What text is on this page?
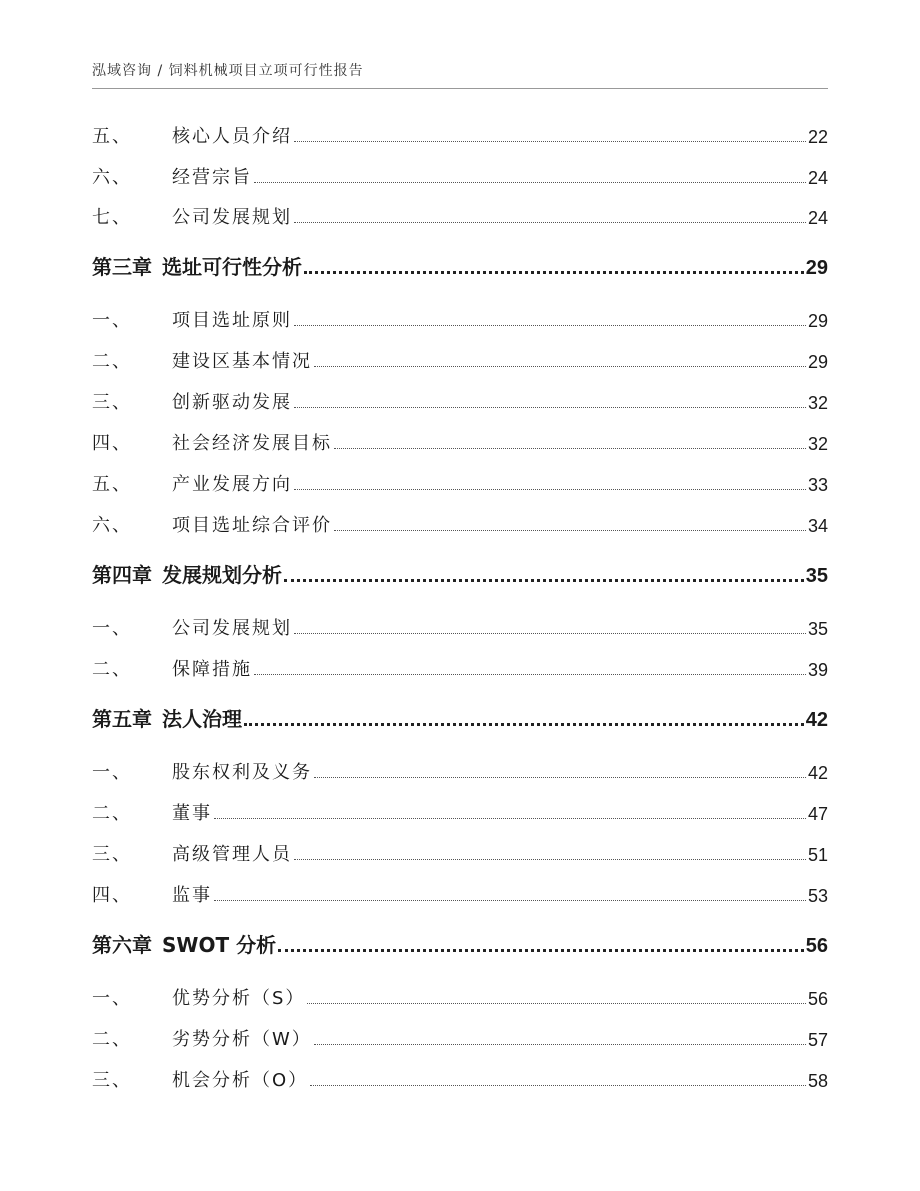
泓域咨询 / 饲料机械项目立项可行性报告
五、	核心人员介绍	22
六、	经营宗旨	24
七、	公司发展规划	24
第三章 选址可行性分析	29
一、	项目选址原则	29
二、	建设区基本情况	29
三、	创新驱动发展	32
四、	社会经济发展目标	32
五、	产业发展方向	33
六、	项目选址综合评价	34
第四章 发展规划分析	35
一、	公司发展规划	35
二、	保障措施	39
第五章 法人治理	42
一、	股东权利及义务	42
二、	董事	47
三、	高级管理人员	51
四、	监事	53
第六章 SWOT 分析	56
一、	优势分析（S）	56
二、	劣势分析（W）	57
三、	机会分析（O）	58
